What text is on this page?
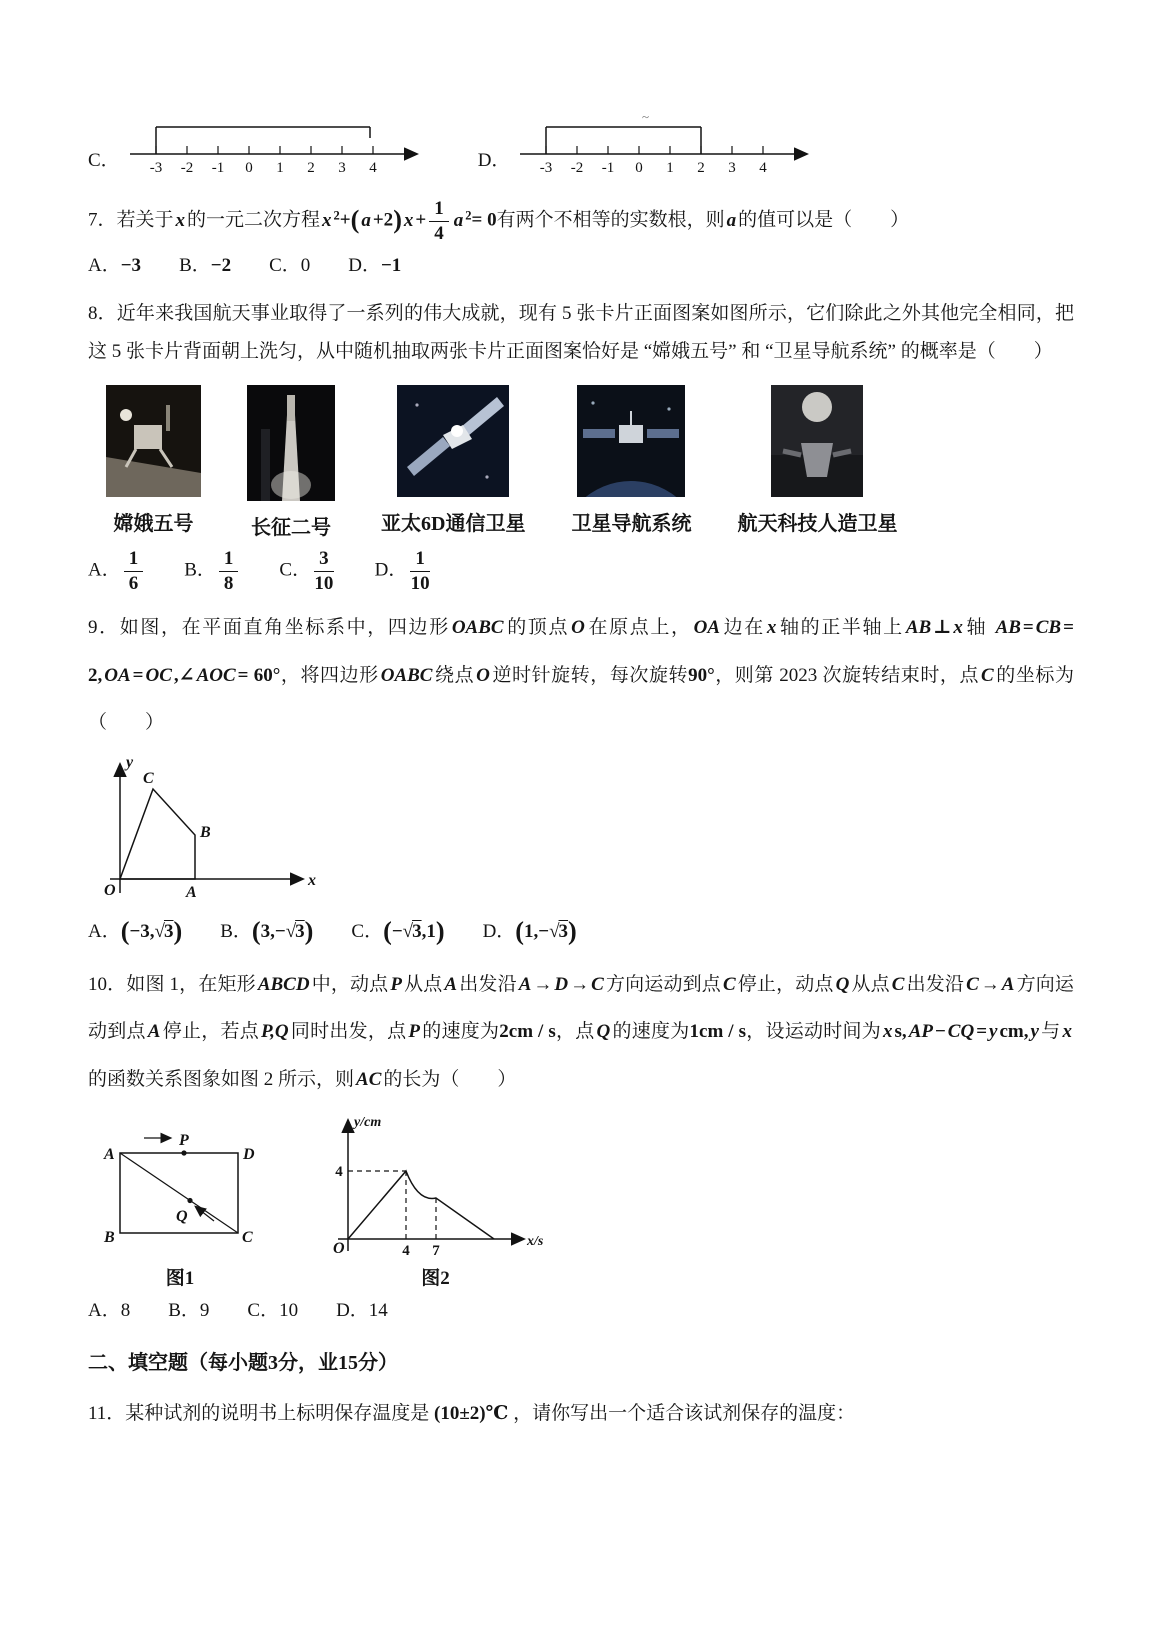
C． -3 -2 -1 0 1 2 3 4	D．
~
-3 -2 -1 0 1 2 3 4
7．若关于 x 的一元二次方程 x $^2$+( a +2) $x + \frac{1}{4}$ a $^2$= 0有两个不相等的实数根，则 a 的值可以是（　　）
A．−3　　B．−2　　C．0　　D．−1
8．近年来我国航天事业取得了一系列的伟大成就，现有 5 张卡片正面图案如图所示，它们除此之外其他完全相同，把这 5 张卡片背面朝上洗匀，从中随机抽取两张卡片正面图案恰好是 “嫦娥五号” 和 “卫星导航系统” 的概率是（　　）
嫦娥五号	长征二号	亚太6D通信卫星 卫星导航系统 航天科技人造卫星
A． $\frac{1}{6}$ 　　B． $\frac{1}{8}$ 　　C． $\frac{3}{10}$ 　　D． $\frac{1}{10}$
9．如图，在平面直角坐标系中，四边形 OABC 的顶点 O 在原点上， OA 边在 x 轴的正半轴上 AB ⊥ x 轴 AB = CB = 2, OA = OC ,∠ AOC = 60°，将四边形 OABC 绕点 O 逆时针旋转，每次旋转90°，则第 2023 次旋转结束时，点 C 的坐标为（　　）
y
x
O	A
B
C
A．(−3,√3)　　B．(3,−√3)　　C．(−√3,1)　　D．(1,−√3)
10．如图 1，在矩形 ABCD 中，动点 P 从点 A 出发沿 A → D → C 方向运动到点 C 停止，动点 Q 从点 C 出发沿 C → A 方向运动到点 A 停止，若点 P,Q 同时出发，点 P 的速度为2cm / s，点 Q 的速度为1cm / s，设运动时间为 x s, AP − CQ = y cm, y 与 x的函数关系图象如图 2 所示，则 AC 的长为（　　）
A	D
B	C
P
Q
图1
y/cm
x/s
O
4
4 7
图2
A．8　　B．9　　C．10　　D．14
二、填空题（每小题3分，业15分）
11．某种试剂的说明书上标明保存温度是 (10±2)℃ ，请你写出一个适合该试剂保存的温度：
